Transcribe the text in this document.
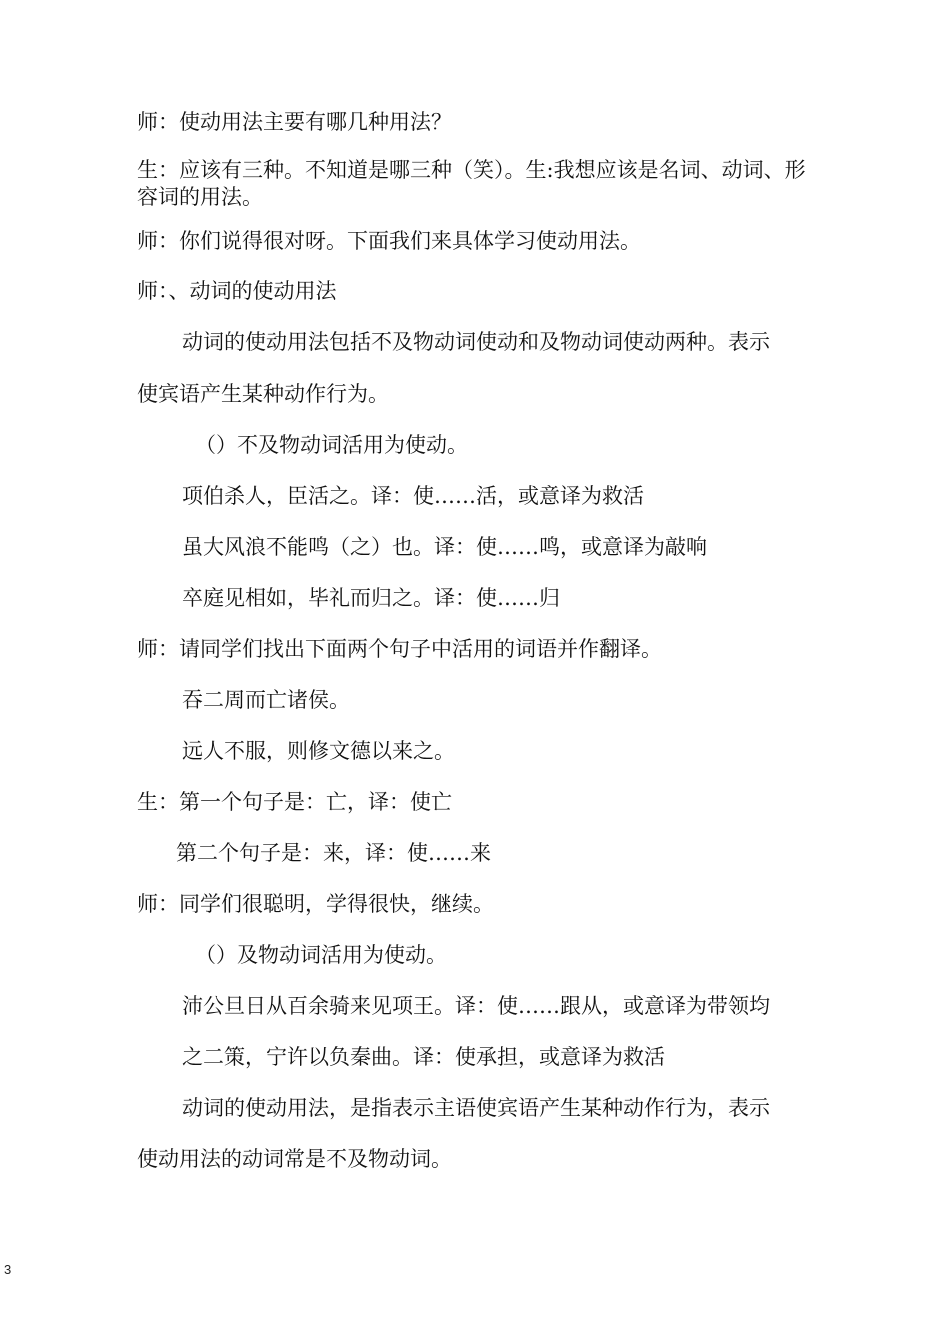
师：使动用法主要有哪几种用法？

生：应该有三种。不知道是哪三种（笑）。生:我想应该是名词、动词、形容词的用法。

师：你们说得很对呀。下面我们来具体学习使动用法。

师：、动词的使动用法

动词的使动用法包括不及物动词使动和及物动词使动两种。表示

使宾语产生某种动作行为。

（）不及物动词活用为使动。

项伯杀人，臣活之。译：使……活，或意译为救活

虽大风浪不能鸣（之）也。译：使……鸣，或意译为敲响

卒庭见相如，毕礼而归之。译：使……归

师：请同学们找出下面两个句子中活用的词语并作翻译。

吞二周而亡诸侯。

远人不服，则修文德以来之。

生：第一个句子是：亡，译：使亡

第二个句子是：来，译：使……来

师：同学们很聪明，学得很快，继续。

（）及物动词活用为使动。

沛公旦日从百余骑来见项王。译：使……跟从，或意译为带领均

之二策，宁许以负秦曲。译：使承担，或意译为救活

动词的使动用法，是指表示主语使宾语产生某种动作行为，表示

使动用法的动词常是不及物动词。

3
